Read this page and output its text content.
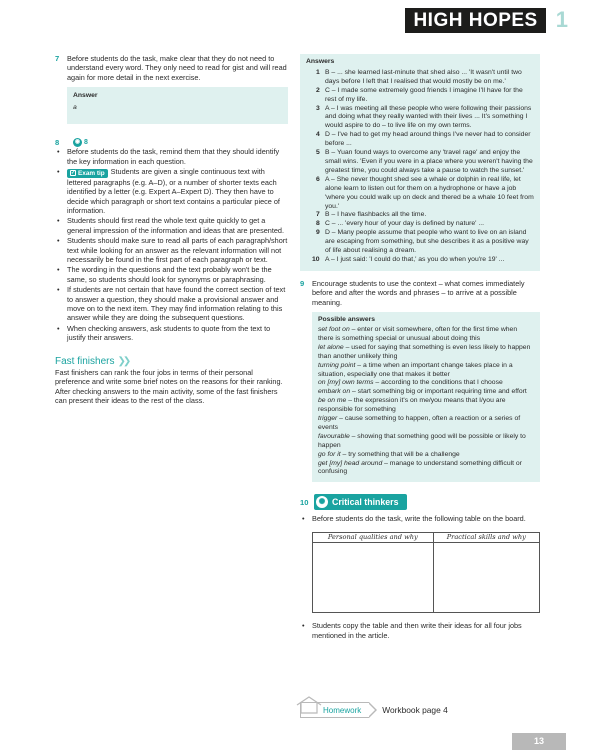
HIGH HOPES 1
7	Before students do the task, make clear that they do not need to understand every word. They only need to read for gist and will read again for more detail in the next exercise.
Answer
a
8	◉ 8
• Before students do the task, remind them that they should identify the key information in each question.
• ✓ Exam tip Students are given a single continuous text with lettered paragraphs (e.g. A–D), or a number of shorter texts each identified by a letter (e.g. Expert A–Expert D). They then have to decide which paragraph or short text contains a particular piece of information.
• Students should first read the whole text quite quickly to get a general impression of the information and ideas that are presented.
• Students should make sure to read all parts of each paragraph/short text while looking for an answer as the relevant information will not necessarily be found in the first part of each paragraph or text.
• The wording in the questions and the text probably won't be the same, so students should look for synonyms or paraphrasing.
• If students are not certain that have found the correct section of text to answer a question, they should make a provisional answer and move on to the next item. They may find information relating to this answer while they are doing the subsequent questions.
• When checking answers, ask students to quote from the text to justify their answers.
Fast finishers ❯❯
Fast finishers can rank the four jobs in terms of their personal preference and write some brief notes on the reasons for their ranking. After checking answers to the main activity, some of the fast finishers can present their ideas to the rest of the class.
Answers
1 B – ... she learned last-minute that shed also ... 'It wasn't until two days before I left that I realised that would mostly be on me.'
2 C – I made some extremely good friends I imagine I'll have for the rest of my life.
3 A – I was meeting all these people who were following their passions and doing what they really wanted with their lives ... It's something I would aspire to do – to live life on my own terms.
4 D – I've had to get my head around things I've never had to consider before ...
5 B – Yuan found ways to overcome any 'travel rage' and enjoy the small wins. 'Even if you were in a place where you weren't having the greatest time, you could always take a pause to watch the sunset.'
6 A – She never thought shed see a whale or dolphin in real life, let alone learn to listen out for them on a hydrophone or have a job 'where you could walk up on deck and thered be a whale 10 feet from you.'
7 B – I have flashbacks all the time.
8 C – ... 'every hour of your day is defined by nature' ...
9 D – Many people assume that people who want to live on an island are escaping from something, but she describes it as a positive way of life about realising a dream.
10 A – I just said: 'I could do that,' as you do when you're 19' ...
9	Encourage students to use the context – what comes immediately before and after the words and phrases – to arrive at a possible meaning.
Possible answers
set foot on – enter or visit somewhere, often for the first time when there is something special or unusual about doing this
let alone – used for saying that something is even less likely to happen than another unlikely thing
turning point – a time when an important change takes place in a situation, especially one that makes it better
on [my] own terms – according to the conditions that I choose
embark on – start something big or important requiring time and effort
be on me – the expression it's on me/you means that I/you are responsible for something
trigger – cause something to happen, often a reaction or a series of events
favourable – showing that something good will be possible or likely to happen
go for it – try something that will be a challenge
get [my] head around – manage to understand something difficult or confusing
10	✺ Critical thinkers
• Before students do the task, write the following table on the board.
Personal qualities and why	Practical skills and why

• Students copy the table and then write their ideas for all four jobs mentioned in the article.
Homework	Workbook page 4
13
